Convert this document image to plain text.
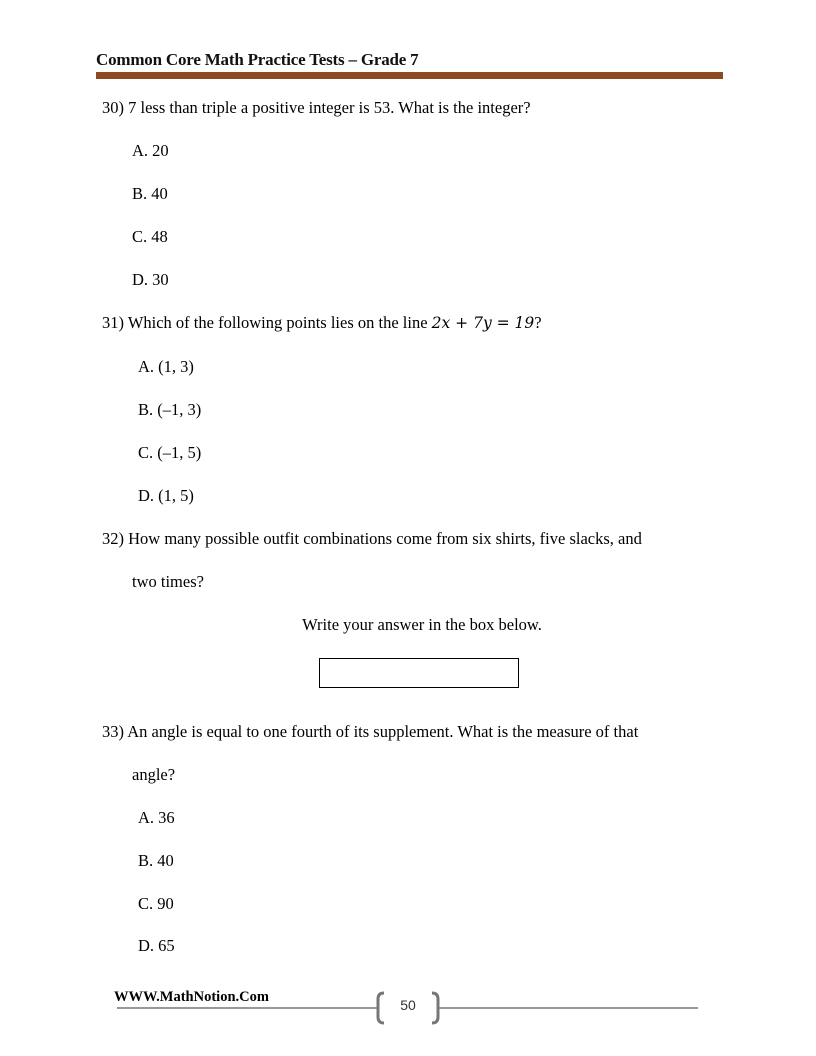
Common Core Math Practice Tests – Grade 7
30) 7 less than triple a positive integer is 53. What is the integer?
A. 20
B. 40
C. 48
D. 30
31) Which of the following points lies on the line 2x + 7y = 19?
A. (1, 3)
B. (–1, 3)
C. (–1, 5)
D. (1, 5)
32) How many possible outfit combinations come from six shirts, five slacks, and
two times?
Write your answer in the box below.
33) An angle is equal to one fourth of its supplement. What is the measure of that
angle?
A. 36
B. 40
C. 90
D. 65
WWW.MathNotion.Com	50
